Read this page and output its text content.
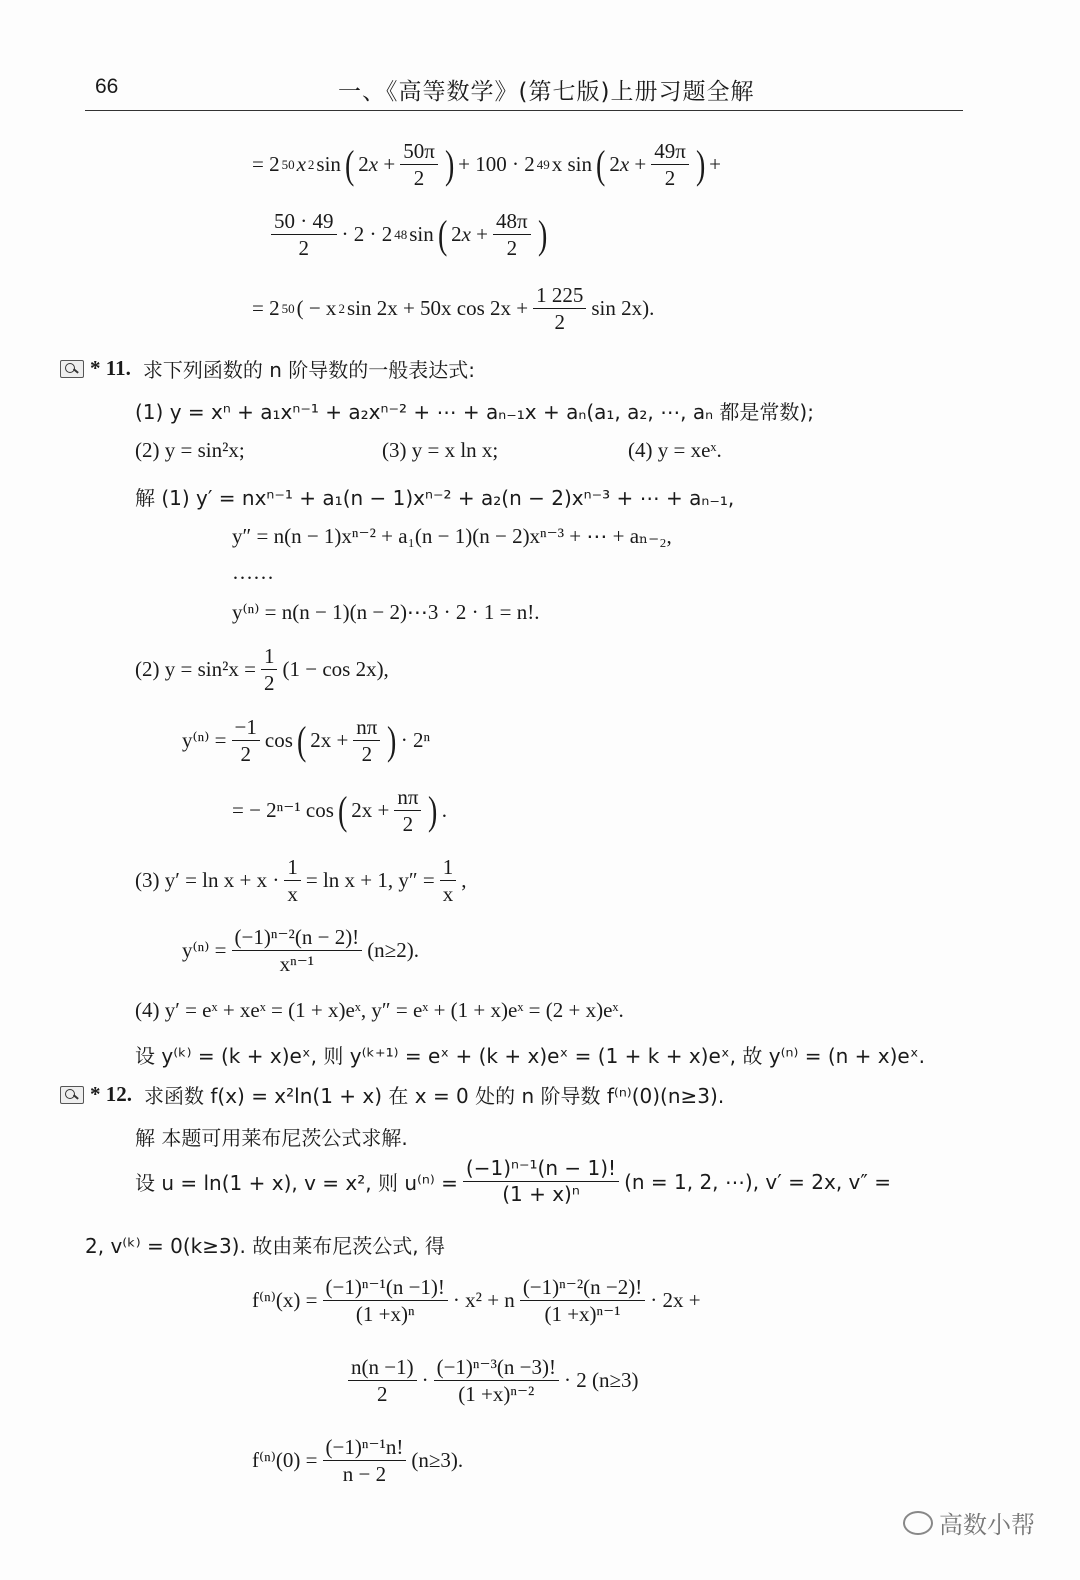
66	一、《高等数学》(第七版)上册习题全解
= 2 50 x 2 sin ( $2x + \frac{50\pi}{2}$ ) + 100 · 2 49 x sin ( $2x + \frac{49\pi}{2}$ ) +
$\frac{50 \cdot 49}{2} \cdot 2 \cdot 2$ 48 sin ( $2x + \frac{48\pi}{2}$ )
= 2 50 ( − x 2 sin 2x + 50x $\cos 2x + \frac{1 225}{2}$ sin 2x).
* 11. 求下列函数的 n 阶导数的一般表达式:
(1) y = xⁿ + a₁xⁿ⁻¹ + a₂xⁿ⁻² + ⋯ + aₙ₋₁x + aₙ(a₁, a₂, ⋯, aₙ 都是常数);
(2) y = sin²x;	(3) y = x ln x;	(4) y = xeˣ.
解 (1) y′ = nxⁿ⁻¹ + a₁(n − 1)xⁿ⁻² + a₂(n − 2)xⁿ⁻³ + ⋯ + aₙ₋₁,
y″ = n(n − 1)xⁿ⁻² + a₁(n − 1)(n − 2)xⁿ⁻³ + ⋯ + aₙ₋₂,
……
y⁽ⁿ⁾ = n(n − 1)(n − 2)⋯3 · 2 · 1 = n!.
(2) $y = \sin^2x = \frac{1}{2} (1 - \cos 2x)$,
$y^{(n)} = \frac{-1}{2}$ cos ( $2x + \frac{n\pi}{2}$ ) · 2ⁿ
= − 2ⁿ⁻¹ cos ( $2x + \frac{n\pi}{2}$ ) .
(3) $y' = \ln x + x \cdot \frac{1}{x} = \ln x + 1$, $y'' = \frac{1}{x}$ ,
$y^{(n)} = \frac{\text{(−1)ⁿ⁻²(n − 2)!}}{\text{xⁿ⁻¹}} (n\ge 2)$.
(4) y′ = eˣ + xeˣ = (1 + x)eˣ, y″ = eˣ + (1 + x)eˣ = (2 + x)eˣ.
设 y⁽ᵏ⁾ = (k + x)eˣ, 则 y⁽ᵏ⁺¹⁾ = eˣ + (k + x)eˣ = (1 + k + x)eˣ, 故 y⁽ⁿ⁾ = (n + x)eˣ.
* 12. 求函数 f(x) = x²ln(1 + x) 在 x = 0 处的 n 阶导数 f⁽ⁿ⁾(0)(n≥3).
解 本题可用莱布尼茨公式求解.
设 u = ln(1 + x), v = x², 则 $u^{(n)} = \frac{\text{(−1)ⁿ⁻¹(n − 1)!}}{\text{(1 + x)ⁿ}} (n = 1$, 2, ⋯), v′ = 2x, v″ =
2, v⁽ᵏ⁾ = 0(k≥3). 故由莱布尼茨公式, 得
$f^{(n)}(x) = \frac{\text{(−1)ⁿ⁻¹(n −1)!}}{\text{(1 +x)ⁿ}} \cdot x^2 + n \frac{\text{(−1)ⁿ⁻²(n −2)!}}{\text{(1 +x)ⁿ⁻¹}} \cdot 2x$ +
$\frac{n(n -1)}{2} \cdot \frac{\text{(−1)ⁿ⁻³(n −3)!}}{\text{(1 +x)ⁿ⁻²}} \cdot 2$ (n≥3)
$f^{(n)}(0) = \frac{\text{(−1)ⁿ⁻¹n!}}{n - 2} (n\ge 3)$.
高数小帮
